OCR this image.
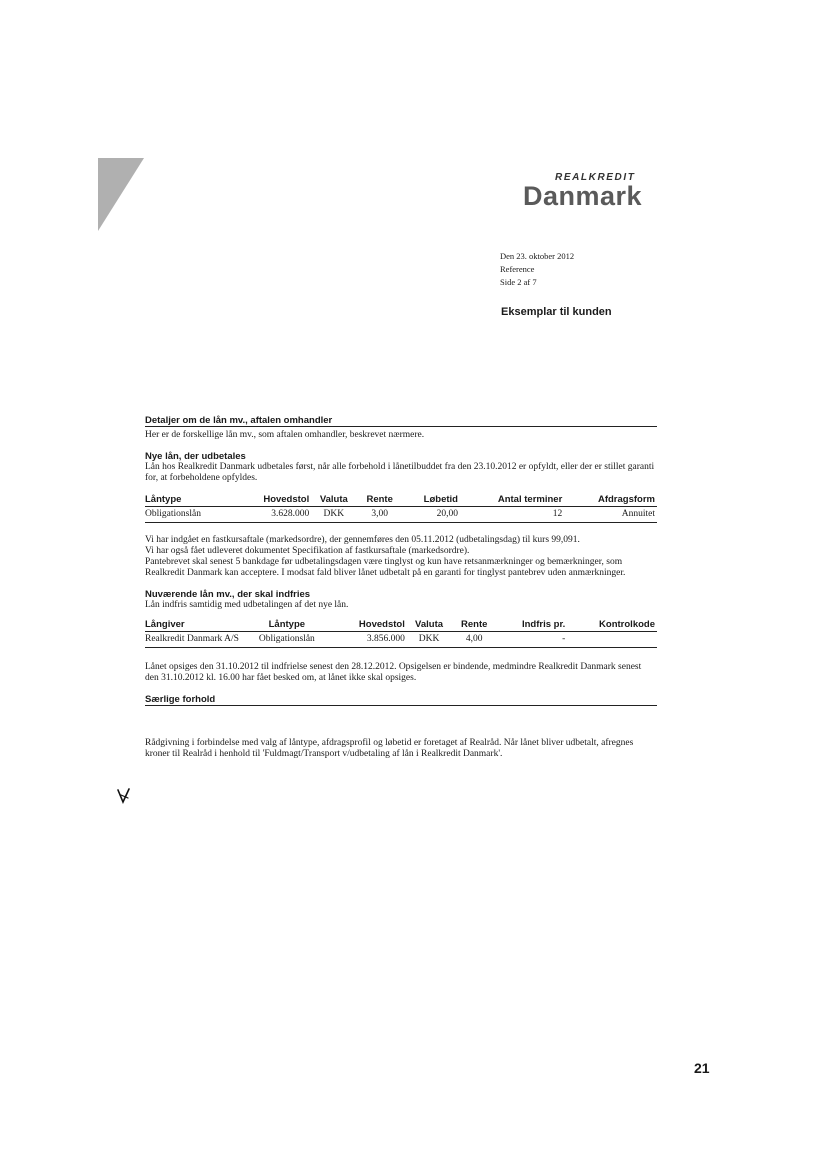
REALKREDIT
Danmark
Den 23. oktober 2012
Reference
Side 2 af 7
Eksemplar til kunden
Detaljer om de lån mv., aftalen omhandler

Her er de forskellige lån mv., som aftalen omhandler, beskrevet nærmere.

Nye lån, der udbetales

Lån hos Realkredit Danmark udbetales først, når alle forbehold i lånetilbuddet fra den 23.10.2012 er opfyldt, eller der er stillet garanti for, at forbeholdene opfyldes.

Låntype	Hovedstol	Valuta	Rente	Løbetid	Antal terminer	Afdragsform
Obligationslån	3.628.000	DKK	3,00	20,00	12	Annuitet

Vi har indgået en fastkursaftale (markedsordre), der gennemføres den 05.11.2012 (udbetalingsdag) til kurs 99,091.

Vi har også fået udleveret dokumentet Specifikation af fastkursaftale (markedsordre).

Pantebrevet skal senest 5 bankdage før udbetalingsdagen være tinglyst og kun have retsanmærkninger og bemærkninger, som Realkredit Danmark kan acceptere. I modsat fald bliver lånet udbetalt på en garanti for tinglyst pantebrev uden anmærkninger.

Nuværende lån mv., der skal indfries

Lån indfris samtidig med udbetalingen af det nye lån.

Långiver	Låntype	Hovedstol	Valuta	Rente	Indfris pr.	Kontrolkode
Realkredit Danmark A/S	Obligationslån	3.856.000	DKK	4,00	-	

Lånet opsiges den 31.10.2012 til indfrielse senest den 28.12.2012. Opsigelsen er bindende, medmindre Realkredit Danmark senest den 31.10.2012 kl. 16.00 har fået besked om, at lånet ikke skal opsiges.

Særlige forhold

Rådgivning i forbindelse med valg af låntype, afdragsprofil og løbetid er foretaget af Realråd. Når lånet bliver udbetalt, afregnes kroner til Realråd i henhold til 'Fuldmagt/Transport v/udbetaling af lån i Realkredit Danmark'.

21
